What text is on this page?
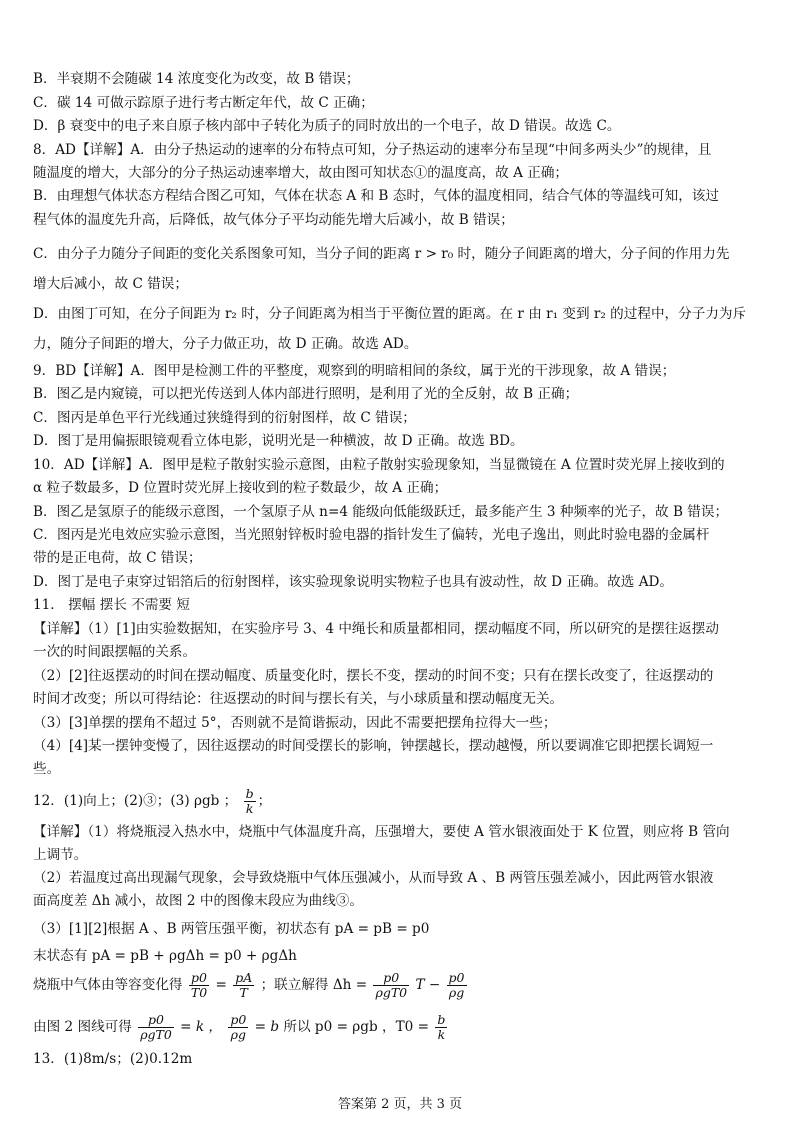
B．半衰期不会随碳 14 浓度变化为改变，故 B 错误；
C．碳 14 可做示踪原子进行考古断定年代，故 C 正确；
D．β 衰变中的电子来自原子核内部中子转化为质子的同时放出的一个电子，故 D 错误。故选 C。
8．AD【详解】A．由分子热运动的速率的分布特点可知，分子热运动的速率分布呈现“中间多两头少”的规律，且
随温度的增大，大部分的分子热运动速率增大，故由图可知状态①的温度高，故 A 正确；
B．由理想气体状态方程结合图乙可知，气体在状态 A 和 B 态时，气体的温度相同，结合气体的等温线可知，该过
程气体的温度先升高，后降低，故气体分子平均动能先增大后减小，故 B 错误；
C．由分子力随分子间距的变化关系图象可知，当分子间的距离 r > r₀ 时，随分子间距离的增大，分子间的作用力先
增大后减小，故 C 错误；
D．由图丁可知，在分子间距为 r₂ 时，分子间距离为相当于平衡位置的距离。在 r 由 r₁ 变到 r₂ 的过程中，分子力为斥
力，随分子间距的增大，分子力做正功，故 D 正确。故选 AD。
9．BD【详解】A．图甲是检测工件的平整度，观察到的明暗相间的条纹，属于光的干涉现象，故 A 错误；
B．图乙是内窥镜，可以把光传送到人体内部进行照明，是利用了光的全反射，故 B 正确；
C．图丙是单色平行光线通过狭缝得到的衍射图样，故 C 错误；
D．图丁是用偏振眼镜观看立体电影，说明光是一种横波，故 D 正确。故选 BD。
10．AD【详解】A．图甲是粒子散射实验示意图，由粒子散射实验现象知，当显微镜在 A 位置时荧光屏上接收到的
α 粒子数最多，D 位置时荧光屏上接收到的粒子数最少，故 A 正确；
B．图乙是氢原子的能级示意图，一个氢原子从 n=4 能级向低能级跃迁，最多能产生 3 种频率的光子，故 B 错误；
C．图丙是光电效应实验示意图，当光照射锌板时验电器的指针发生了偏转，光电子逸出，则此时验电器的金属杆
带的是正电荷，故 C 错误；
D．图丁是电子束穿过铝箔后的衍射图样，该实验现象说明实物粒子也具有波动性，故 D 正确。故选 AD。
11． 摆幅 摆长 不需要 短
【详解】（1）[1]由实验数据知，在实验序号 3、4 中绳长和质量都相同，摆动幅度不同，所以研究的是摆往返摆动
一次的时间跟摆幅的关系。
（2）[2]往返摆动的时间在摆动幅度、质量变化时，摆长不变，摆动的时间不变；只有在摆长改变了，往返摆动的
时间才改变；所以可得结论：往返摆动的时间与摆长有关，与小球质量和摆动幅度无关。
（3）[3]单摆的摆角不超过 5°，否则就不是简谐振动，因此不需要把摆角拉得大一些；
（4）[4]某一摆钟变慢了，因往返摆动的时间受摆长的影响，钟摆越长，摆动越慢，所以要调准它即把摆长调短一
些。
12．(1)向上；(2)③；(3) ρgb ； $\frac{b}{k}$ ；
【详解】（1）将烧瓶浸入热水中，烧瓶中气体温度升高，压强增大，要使 A 管水银液面处于 K 位置，则应将 B 管向
上调节。
（2）若温度过高出现漏气现象，会导致烧瓶中气体压强减小，从而导致 A 、B 两管压强差减小，因此两管水银液
面高度差 Δh 减小，故图 2 中的图像末段应为曲线③。
（3）[1][2]根据 A 、B 两管压强平衡，初状态有 pA = pB = p0
末状态有 pA = pB + ρgΔh = p0 + ρgΔh
烧瓶中气体由等容变化得 $\frac{p0}{T0} = \frac{pA}{T}$ ；联立解得 $\Delta h = \frac{p0}{\text{ρgT0}}$ $T - \frac{p0}{\rho g}$
由图 2 图线可得 $\frac{p0}{\text{ρgT0}} = k$ ， $\frac{p0}{\rho g} = b$ 所以 p0 = ρgb ，$T0 = \frac{b}{k}$
13．(1)8m/s；(2)0.12m
答案第 2 页，共 3 页
